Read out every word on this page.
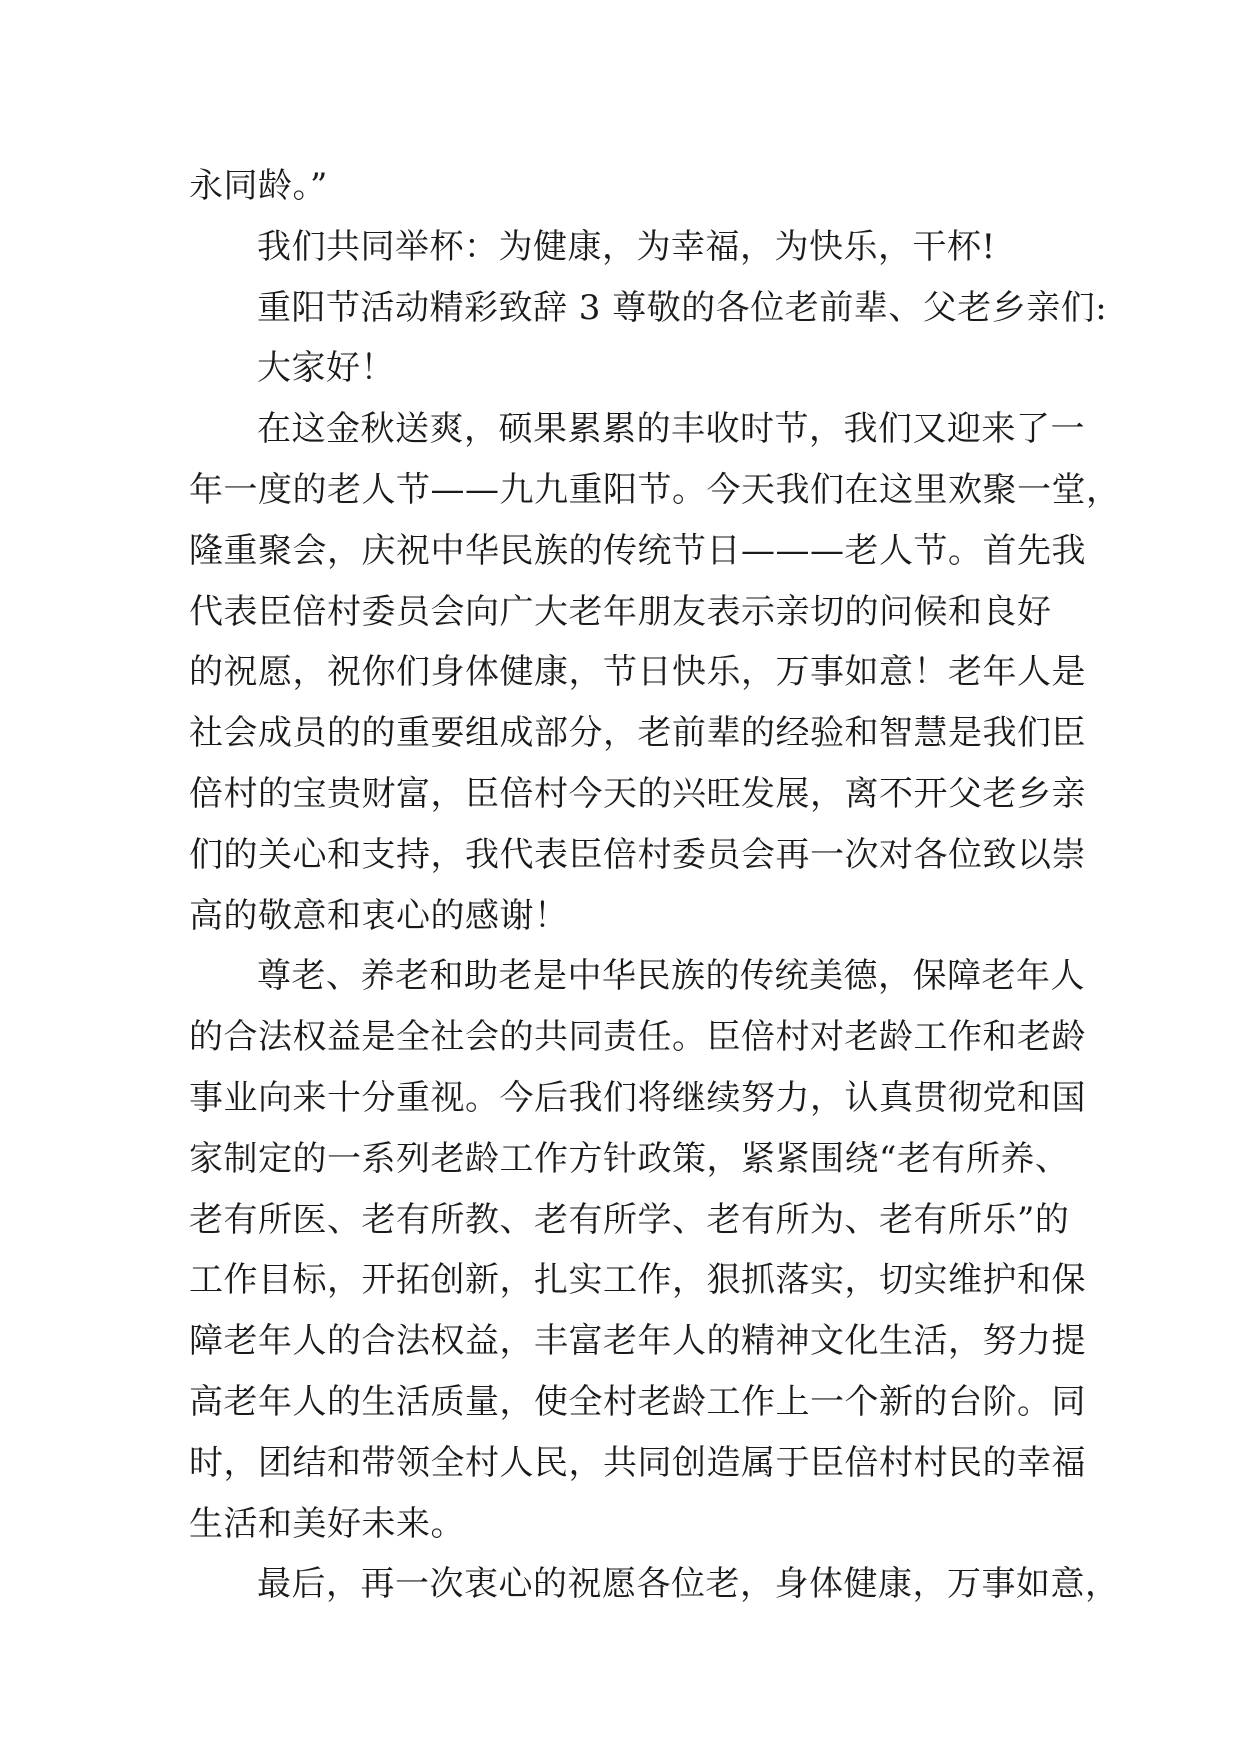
永同龄。”
我们共同举杯：为健康，为幸福，为快乐，干杯!
重阳节活动精彩致辞 3 尊敬的各位老前辈、父老乡亲们:
大家好！
在这金秋送爽，硕果累累的丰收时节，我们又迎来了一
年一度的老人节——九九重阳节。今天我们在这里欢聚一堂，
隆重聚会，庆祝中华民族的传统节日———老人节。首先我
代表臣倍村委员会向广大老年朋友表示亲切的问候和良好
的祝愿，祝你们身体健康，节日快乐，万事如意！老年人是
社会成员的的重要组成部分，老前辈的经验和智慧是我们臣
倍村的宝贵财富，臣倍村今天的兴旺发展，离不开父老乡亲
们的关心和支持，我代表臣倍村委员会再一次对各位致以崇
高的敬意和衷心的感谢！
尊老、养老和助老是中华民族的传统美德，保障老年人
的合法权益是全社会的共同责任。臣倍村对老龄工作和老龄
事业向来十分重视。今后我们将继续努力，认真贯彻党和国
家制定的一系列老龄工作方针政策，紧紧围绕“老有所养、
老有所医、老有所教、老有所学、老有所为、老有所乐”的
工作目标，开拓创新，扎实工作，狠抓落实，切实维护和保
障老年人的合法权益，丰富老年人的精神文化生活，努力提
高老年人的生活质量，使全村老龄工作上一个新的台阶。同
时，团结和带领全村人民，共同创造属于臣倍村村民的幸福
生活和美好未来。
最后，再一次衷心的祝愿各位老，身体健康，万事如意，
